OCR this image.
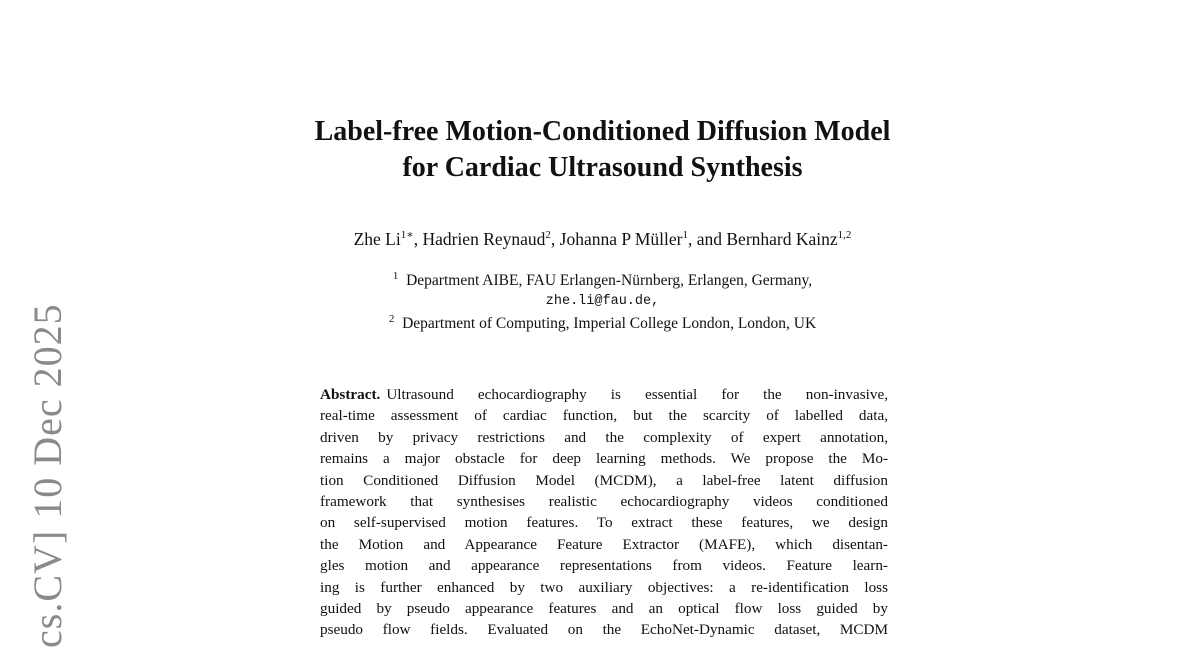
cs.CV] 10 Dec 2025
Label-free Motion-Conditioned Diffusion Model
for Cardiac Ultrasound Synthesis
Zhe $Li^{1∗}$, Hadrien Reynaud$^2$, Johanna P Müller$^1$, and Bernhard Kainz$^{1,2}$
$^1$ Department AIBE, FAU Erlangen-Nürnberg, Erlangen, Germany,
zhe.li@fau.de,
$^2$ Department of Computing, Imperial College London, London, UK
Abstract. Ultrasound echocardiography is essential for the non-invasive,
real-time assessment of cardiac function, but the scarcity of labelled data,
driven by privacy restrictions and the complexity of expert annotation,
remains a major obstacle for deep learning methods. We propose the Mo-
tion Conditioned Diffusion Model (MCDM), a label-free latent diffusion
framework that synthesises realistic echocardiography videos conditioned
on self-supervised motion features. To extract these features, we design
the Motion and Appearance Feature Extractor (MAFE), which disentan-
gles motion and appearance representations from videos. Feature learn-
ing is further enhanced by two auxiliary objectives: a re-identification loss
guided by pseudo appearance features and an optical flow loss guided by
pseudo flow fields. Evaluated on the EchoNet-Dynamic dataset, MCDM
